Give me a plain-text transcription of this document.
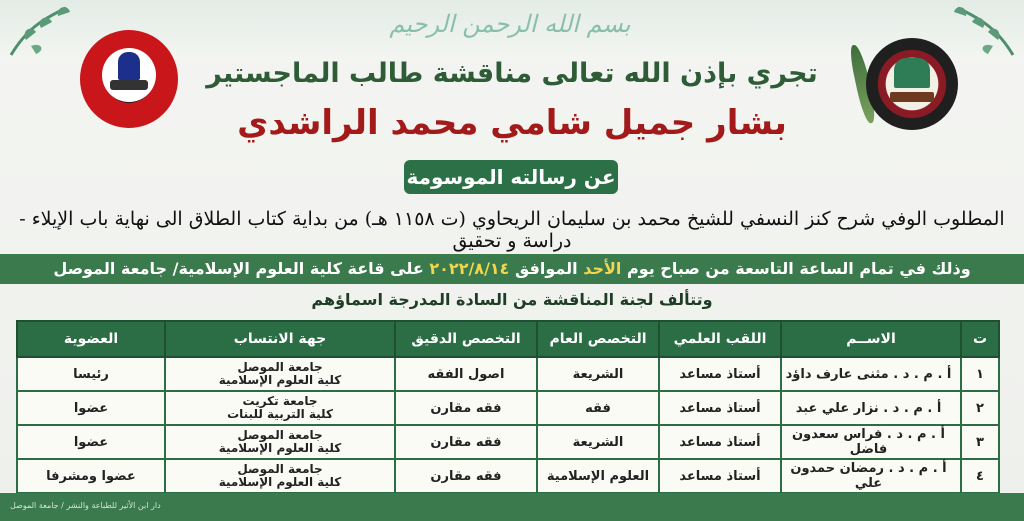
بسم الله الرحمن الرحيم
تجري بإذن الله تعالى مناقشة طالب الماجستير
بشار جميل شامي محمد الراشدي
عن رسالته الموسومة
المطلوب الوفي شرح كنز النسفي للشيخ محمد بن سليمان الريحاوي (ت ١١٥٨ هـ) من بداية كتاب الطلاق الى نهاية باب الإيلاء - دراسة و تحقيق
وذلك في تمام الساعة التاسعة من صباح يوم الأحد الموافق ٢٠٢٢/٨/١٤ على قاعة كلية العلوم الإسلامية/ جامعة الموصل
وتتألف لجنة المناقشة من السادة المدرجة اسماؤهم
ت	الاســم	اللقب العلمي	التخصص العام	التخصص الدقيق	جهة الانتساب	العضوية
١	أ . م . د . مثنى عارف داؤد	أستاذ مساعد	الشريعة	اصول الفقه	جامعة الموصل
كلية العلوم الإسلامية	رئيسا
٢	أ . م . د . نزار علي عبد	أستاذ مساعد	فقه	فقه مقارن	جامعة تكريت
كلية التربية للبنات	عضوا
٣	أ . م . د . فراس سعدون فاضل	أستاذ مساعد	الشريعة	فقه مقارن	جامعة الموصل
كلية العلوم الإسلامية	عضوا
٤	أ . م . د . رمضان حمدون علي	أستاذ مساعد	العلوم الإسلامية	فقه مقارن	جامعة الموصل
كلية العلوم الإسلامية	عضوا ومشرفا
دار ابن الأثير للطباعة والنشر / جامعة الموصل
